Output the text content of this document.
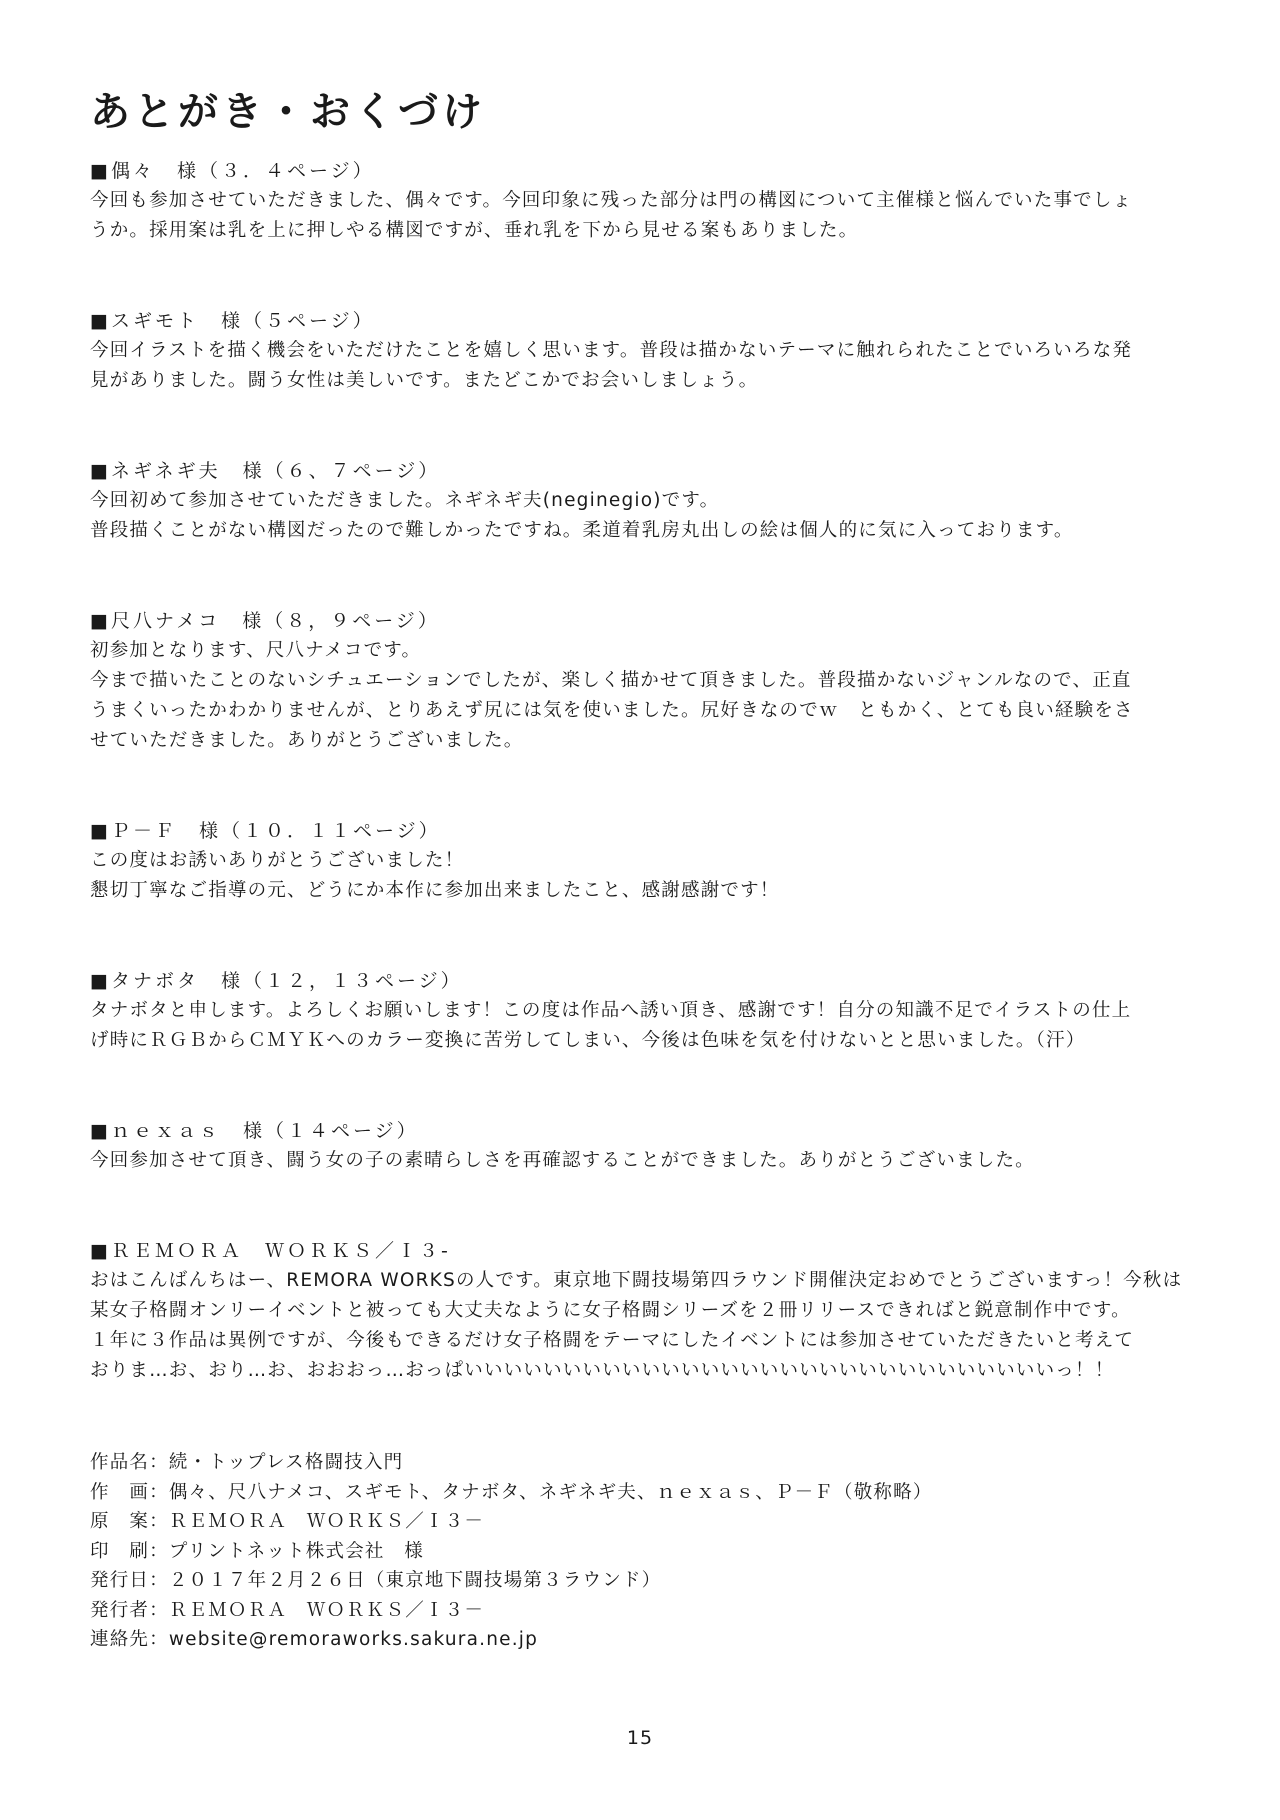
あとがき・おくづけ
■偶々　様（３．４ページ）

今回も参加させていただきました、偶々です。今回印象に残った部分は門の構図について主催様と悩んでいた事でしょ

うか。採用案は乳を上に押しやる構図ですが、垂れ乳を下から見せる案もありました。

■スギモト　様（５ページ）

今回イラストを描く機会をいただけたことを嬉しく思います。普段は描かないテーマに触れられたことでいろいろな発

見がありました。闘う女性は美しいです。またどこかでお会いしましょう。

■ネギネギ夫　様（６、７ページ）

今回初めて参加させていただきました。ネギネギ夫(neginegio)です。

普段描くことがない構図だったので難しかったですね。柔道着乳房丸出しの絵は個人的に気に入っております。

■尺八ナメコ　様（８，９ページ）

初参加となります、尺八ナメコです。

今まで描いたことのないシチュエーションでしたが、楽しく描かせて頂きました。普段描かないジャンルなので、正直

うまくいったかわかりませんが、とりあえず尻には気を使いました。尻好きなのでｗ　ともかく、とても良い経験をさ

せていただきました。ありがとうございました。

■Ｐ－Ｆ　様（１０．１１ページ）

この度はお誘いありがとうございました！

懇切丁寧なご指導の元、どうにか本作に参加出来ましたこと、感謝感謝です！

■タナボタ　様（１２，１３ページ）

タナボタと申します。よろしくお願いします！この度は作品へ誘い頂き、感謝です！自分の知識不足でイラストの仕上

げ時にＲＧＢからＣＭＹＫへのカラー変換に苦労してしまい、今後は色味を気を付けないとと思いました。（汗）

■ｎｅｘａｓ　様（１４ページ）

今回参加させて頂き、闘う女の子の素晴らしさを再確認することができました。ありがとうございました。

■ＲＥＭＯＲＡ　ＷＯＲＫＳ／Ｉ３-

おはこんばんちはー、REMORA WORKSの人です。東京地下闘技場第四ラウンド開催決定おめでとうございますっ！今秋は

某女子格闘オンリーイベントと被っても大丈夫なように女子格闘シリーズを２冊リリースできればと鋭意制作中です。

１年に３作品は異例ですが、今後もできるだけ女子格闘をテーマにしたイベントには参加させていただきたいと考えて

おりま…お、おり…お、おおおっ…おっぱいいいいいいいいいいいいいいいいいいいいいいいいいいいいいいっ！！

作品名：続・トップレス格闘技入門
作　画：偶々、尺八ナメコ、スギモト、タナボタ、ネギネギ夫、ｎｅｘａｓ、Ｐ－Ｆ（敬称略）
原　案：ＲＥＭＯＲＡ　ＷＯＲＫＳ／Ｉ３－
印　刷：プリントネット株式会社　様
発行日：２０１７年２月２６日（東京地下闘技場第３ラウンド）
発行者：ＲＥＭＯＲＡ　ＷＯＲＫＳ／Ｉ３－
連絡先：website@remoraworks.sakura.ne.jp
15
